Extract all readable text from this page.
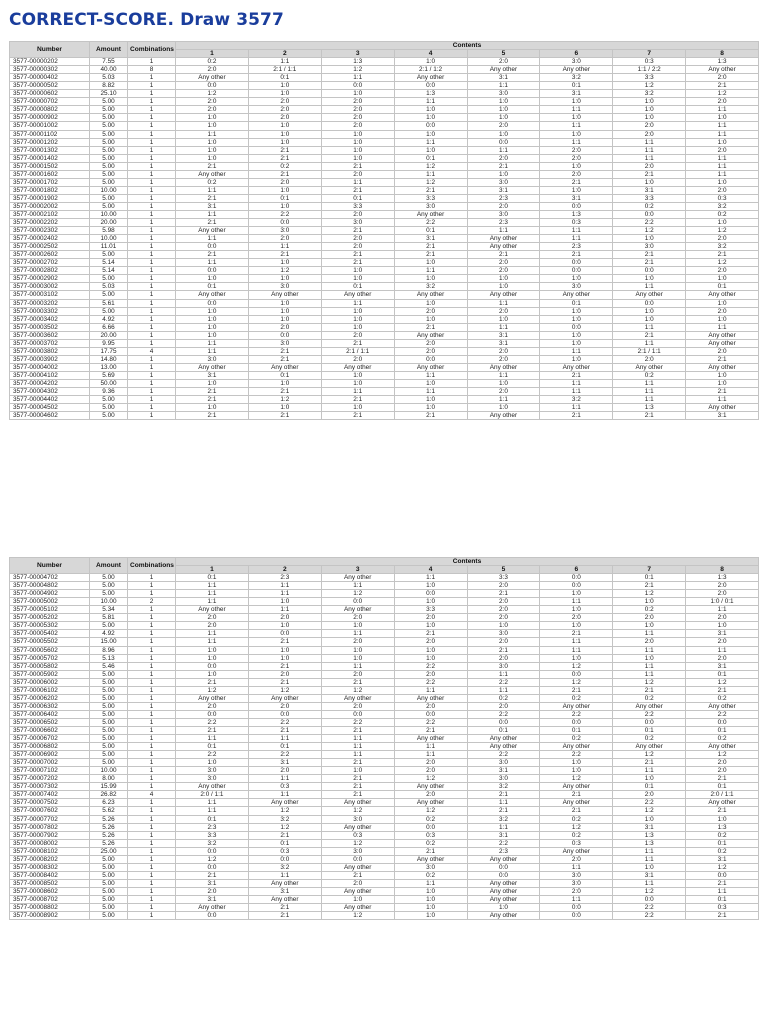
CORRECT-SCORE. Draw 3577
Number	Amount	Combinations	Contents							
			1	2	3	4	5	6	7	8
3577-00000202	7.55	1	0:2	1:1	1:3	1:0	2:0	3:0	0:3	1:3
3577-00000302	40.00	8	2:0	2:1 / 1:1	1:2	2:1 / 1:2	Any other	Any other	1:1 / 2:2	Any other
3577-00000402	5.03	1	Any other	0:1	1:1	Any other	3:1	3:2	3:3	2:0
3577-00000502	8.82	1	0:0	1:0	0:0	0:0	1:1	0:1	1:2	2:1
3577-00000602	25.10	1	1:2	1:0	1:0	1:3	3:0	3:1	3:2	1:2
3577-00000702	5.00	1	2:0	2:0	2:0	1:1	1:0	1:0	1:0	2:0
3577-00000802	5.00	1	2:0	2:0	2:0	1:0	1:0	1:1	1:0	1:1
3577-00000902	5.00	1	1:0	2:0	2:0	1:0	1:0	1:0	1:0	1:0
3577-00001002	5.00	1	1:0	1:0	2:0	0:0	2:0	1:1	2:0	1:1
3577-00001102	5.00	1	1:1	1:0	1:0	1:0	1:0	1:0	2:0	1:1
3577-00001202	5.00	1	1:0	1:0	1:0	1:1	0:0	1:1	1:1	1:0
3577-00001302	5.00	1	1:0	2:1	1:0	1:0	1:1	2:0	1:1	2:0
3577-00001402	5.00	1	1:0	2:1	1:0	0:1	2:0	2:0	1:1	1:1
3577-00001502	5.00	1	2:1	0:2	2:1	1:2	2:1	1:0	2:0	1:1
3577-00001602	5.00	1	Any other	2:1	2:0	1:1	1:0	2:0	2:1	1:1
3577-00001702	5.00	1	0:2	2:0	1:1	1:2	3:0	2:1	1:0	1:0
3577-00001802	10.00	1	1:1	1:0	2:1	2:1	3:1	1:0	3:1	2:0
3577-00001902	5.00	1	2:1	0:1	0:1	3:3	2:3	3:1	3:3	0:3
3577-00002002	5.00	1	3:1	1:0	3:3	3:0	2:0	0:0	0:2	3:2
3577-00002102	10.00	1	1:1	2:2	2:0	Any other	3:0	1:3	0:0	0:2
3577-00002202	20.00	1	2:1	0:0	3:0	2:2	2:3	0:3	2:2	1:0
3577-00002302	5.98	1	Any other	3:0	2:1	0:1	1:1	1:1	1:2	1:2
3577-00002402	10.00	1	1:1	2:0	2:0	3:1	Any other	1:1	1:0	2:0
3577-00002502	11.01	1	0:0	1:1	2:0	2:1	Any other	2:3	3:0	3:2
3577-00002602	5.00	1	2:1	2:1	2:1	2:1	2:1	2:1	2:1	2:1
3577-00002702	5.14	1	1:1	1:0	2:1	1:0	2:0	0:0	2:1	1:2
3577-00002802	5.14	1	0:0	1:2	1:0	1:1	2:0	0:0	0:0	2:0
3577-00002902	5.00	1	1:0	1:0	1:0	1:0	1:0	1:0	1:0	1:0
3577-00003002	5.03	1	0:1	3:0	0:1	3:2	1:0	3:0	1:1	0:1
3577-00003102	5.00	1	Any other	Any other	Any other	Any other	Any other	Any other	Any other	Any other
3577-00003202	5.61	1	0:0	1:0	1:1	1:0	1:1	0:1	0:0	1:0
3577-00003302	5.00	1	1:0	1:0	1:0	2:0	2:0	1:0	1:0	2:0
3577-00003402	4.92	1	1:0	1:0	1:0	1:0	1:0	1:0	1:0	1:0
3577-00003502	6.66	1	1:0	2:0	1:0	2:1	1:1	0:0	1:1	1:1
3577-00003602	20.00	1	1:0	0:0	2:0	Any other	3:1	1:0	2:1	Any other
3577-00003702	9.95	1	1:1	3:0	2:1	2:0	3:1	1:0	1:1	Any other
3577-00003802	17.75	4	1:1	2:1	2:1 / 1:1	2:0	2:0	1:1	2:1 / 1:1	2:0
3577-00003902	14.80	1	3:0	2:1	2:0	0:0	2:0	1:0	2:0	2:1
3577-00004002	13.00	1	Any other	Any other	Any other	Any other	Any other	Any other	Any other	Any other
3577-00004102	5.69	1	3:1	0:1	1:0	1:1	1:1	2:1	0:2	1:0
3577-00004202	50.00	1	1:0	1:0	1:0	1:0	1:0	1:1	1:1	1:0
3577-00004302	9.36	1	2:1	2:1	1:1	1:1	2:0	1:1	1:1	2:1
3577-00004402	5.00	1	2:1	1:2	2:1	1:0	1:1	3:2	1:1	1:1
3577-00004502	5.00	1	1:0	1:0	1:0	1:0	1:0	1:1	1:3	Any other
3577-00004602	5.00	1	2:1	2:1	2:1	2:1	Any other	2:1	2:1	3:1
Number	Amount	Combinations	Contents							
			1	2	3	4	5	6	7	8
3577-00004702	5.00	1	0:1	2:3	Any other	1:1	3:3	0:0	0:1	1:3
3577-00004802	5.00	1	1:1	1:1	1:1	1:0	2:0	0:0	2:1	2:0
3577-00004902	5.00	1	1:1	1:1	1:2	0:0	2:1	1:0	1:2	2:0
3577-00005002	10.00	2	1:1	1:0	0:0	1:0	2:0	1:1	1:0	1:0 / 0:1
3577-00005102	5.34	1	Any other	1:1	Any other	3:3	2:0	1:0	0:2	1:1
3577-00005202	5.81	1	2:0	2:0	2:0	2:0	2:0	2:0	2:0	2:0
3577-00005302	5.00	1	2:0	1:0	1:0	1:0	1:0	1:0	1:0	1:0
3577-00005402	4.92	1	1:1	0:0	1:1	2:1	3:0	2:1	1:1	3:1
3577-00005502	15.00	1	1:1	2:1	2:0	2:0	2:0	1:1	2:0	2:0
3577-00005602	8.96	1	1:0	1:0	1:0	1:0	2:1	1:1	1:1	1:1
3577-00005702	5.13	1	1:0	1:0	1:0	1:0	2:0	1:0	1:0	2:0
3577-00005802	5.46	1	0:0	2:1	1:1	2:2	3:0	1:2	1:1	3:1
3577-00005902	5.00	1	1:0	2:0	2:0	2:0	1:1	0:0	1:1	0:1
3577-00006002	5.00	1	2:1	2:1	2:1	2:2	2:2	1:2	1:2	1:2
3577-00006102	5.00	1	1:2	1:2	1:2	1:1	1:1	2:1	2:1	2:1
3577-00006202	5.00	1	Any other	Any other	Any other	Any other	0:2	0:2	0:2	0:2
3577-00006302	5.00	1	2:0	2:0	2:0	2:0	2:0	Any other	Any other	Any other
3577-00006402	5.00	1	0:0	0:0	0:0	0:0	2:2	2:2	2:2	2:2
3577-00006502	5.00	1	2:2	2:2	2:2	2:2	0:0	0:0	0:0	0:0
3577-00006602	5.00	1	2:1	2:1	2:1	2:1	0:1	0:1	0:1	0:1
3577-00006702	5.00	1	1:1	1:1	1:1	Any other	Any other	0:2	0:2	0:2
3577-00006802	5.00	1	0:1	0:1	1:1	1:1	Any other	Any other	Any other	Any other
3577-00006902	5.00	1	2:2	2:2	1:1	1:1	2:2	2:2	1:2	1:2
3577-00007002	5.00	1	1:0	3:1	2:1	2:0	3:0	1:0	2:1	2:0
3577-00007102	10.00	1	3:0	2:0	1:0	2:0	3:1	1:0	1:1	2:0
3577-00007202	8.00	1	3:0	1:1	2:1	1:2	3:0	1:2	1:0	2:1
3577-00007302	15.99	1	Any other	0:3	2:1	Any other	3:2	Any other	0:1	0:1
3577-00007402	26.82	4	2:0 / 1:1	1:1	2:1	2:0	2:1	2:1	2:0	2:0 / 1:1
3577-00007502	6.23	1	1:1	Any other	Any other	Any other	1:1	Any other	2:2	Any other
3577-00007602	5.62	1	1:1	1:2	1:2	1:2	2:1	2:1	1:2	2:1
3577-00007702	5.26	1	0:1	3:2	3:0	0:2	3:2	0:2	1:0	1:0
3577-00007802	5.26	1	2:3	1:2	Any other	0:0	1:1	1:2	3:1	1:3
3577-00007902	5.26	1	3:3	2:1	0:3	0:3	3:1	0:2	1:3	0:2
3577-00008002	5.26	1	3:2	0:1	1:2	0:2	2:2	0:3	1:3	0:1
3577-00008102	25.00	1	0:0	0:3	3:0	2:1	2:3	Any other	1:1	0:2
3577-00008202	5.00	1	1:2	0:0	0:0	Any other	Any other	2:0	1:1	3:1
3577-00008302	5.00	1	0:0	3:2	Any other	3:0	0:0	1:1	1:0	1:2
3577-00008402	5.00	1	2:1	1:1	2:1	0:2	0:0	3:0	3:1	0:0
3577-00008502	5.00	1	3:1	Any other	2:0	1:1	Any other	3:0	1:1	2:1
3577-00008602	5.00	1	2:0	3:1	Any other	1:0	Any other	2:0	1:2	1:1
3577-00008702	5.00	1	3:1	Any other	1:0	1:0	Any other	1:1	0:0	0:1
3577-00008802	5.00	1	Any other	2:1	Any other	1:0	1:0	0:0	2:2	0:3
3577-00008902	5.00	1	0:0	2:1	1:2	1:0	Any other	0:0	2:2	2:1
